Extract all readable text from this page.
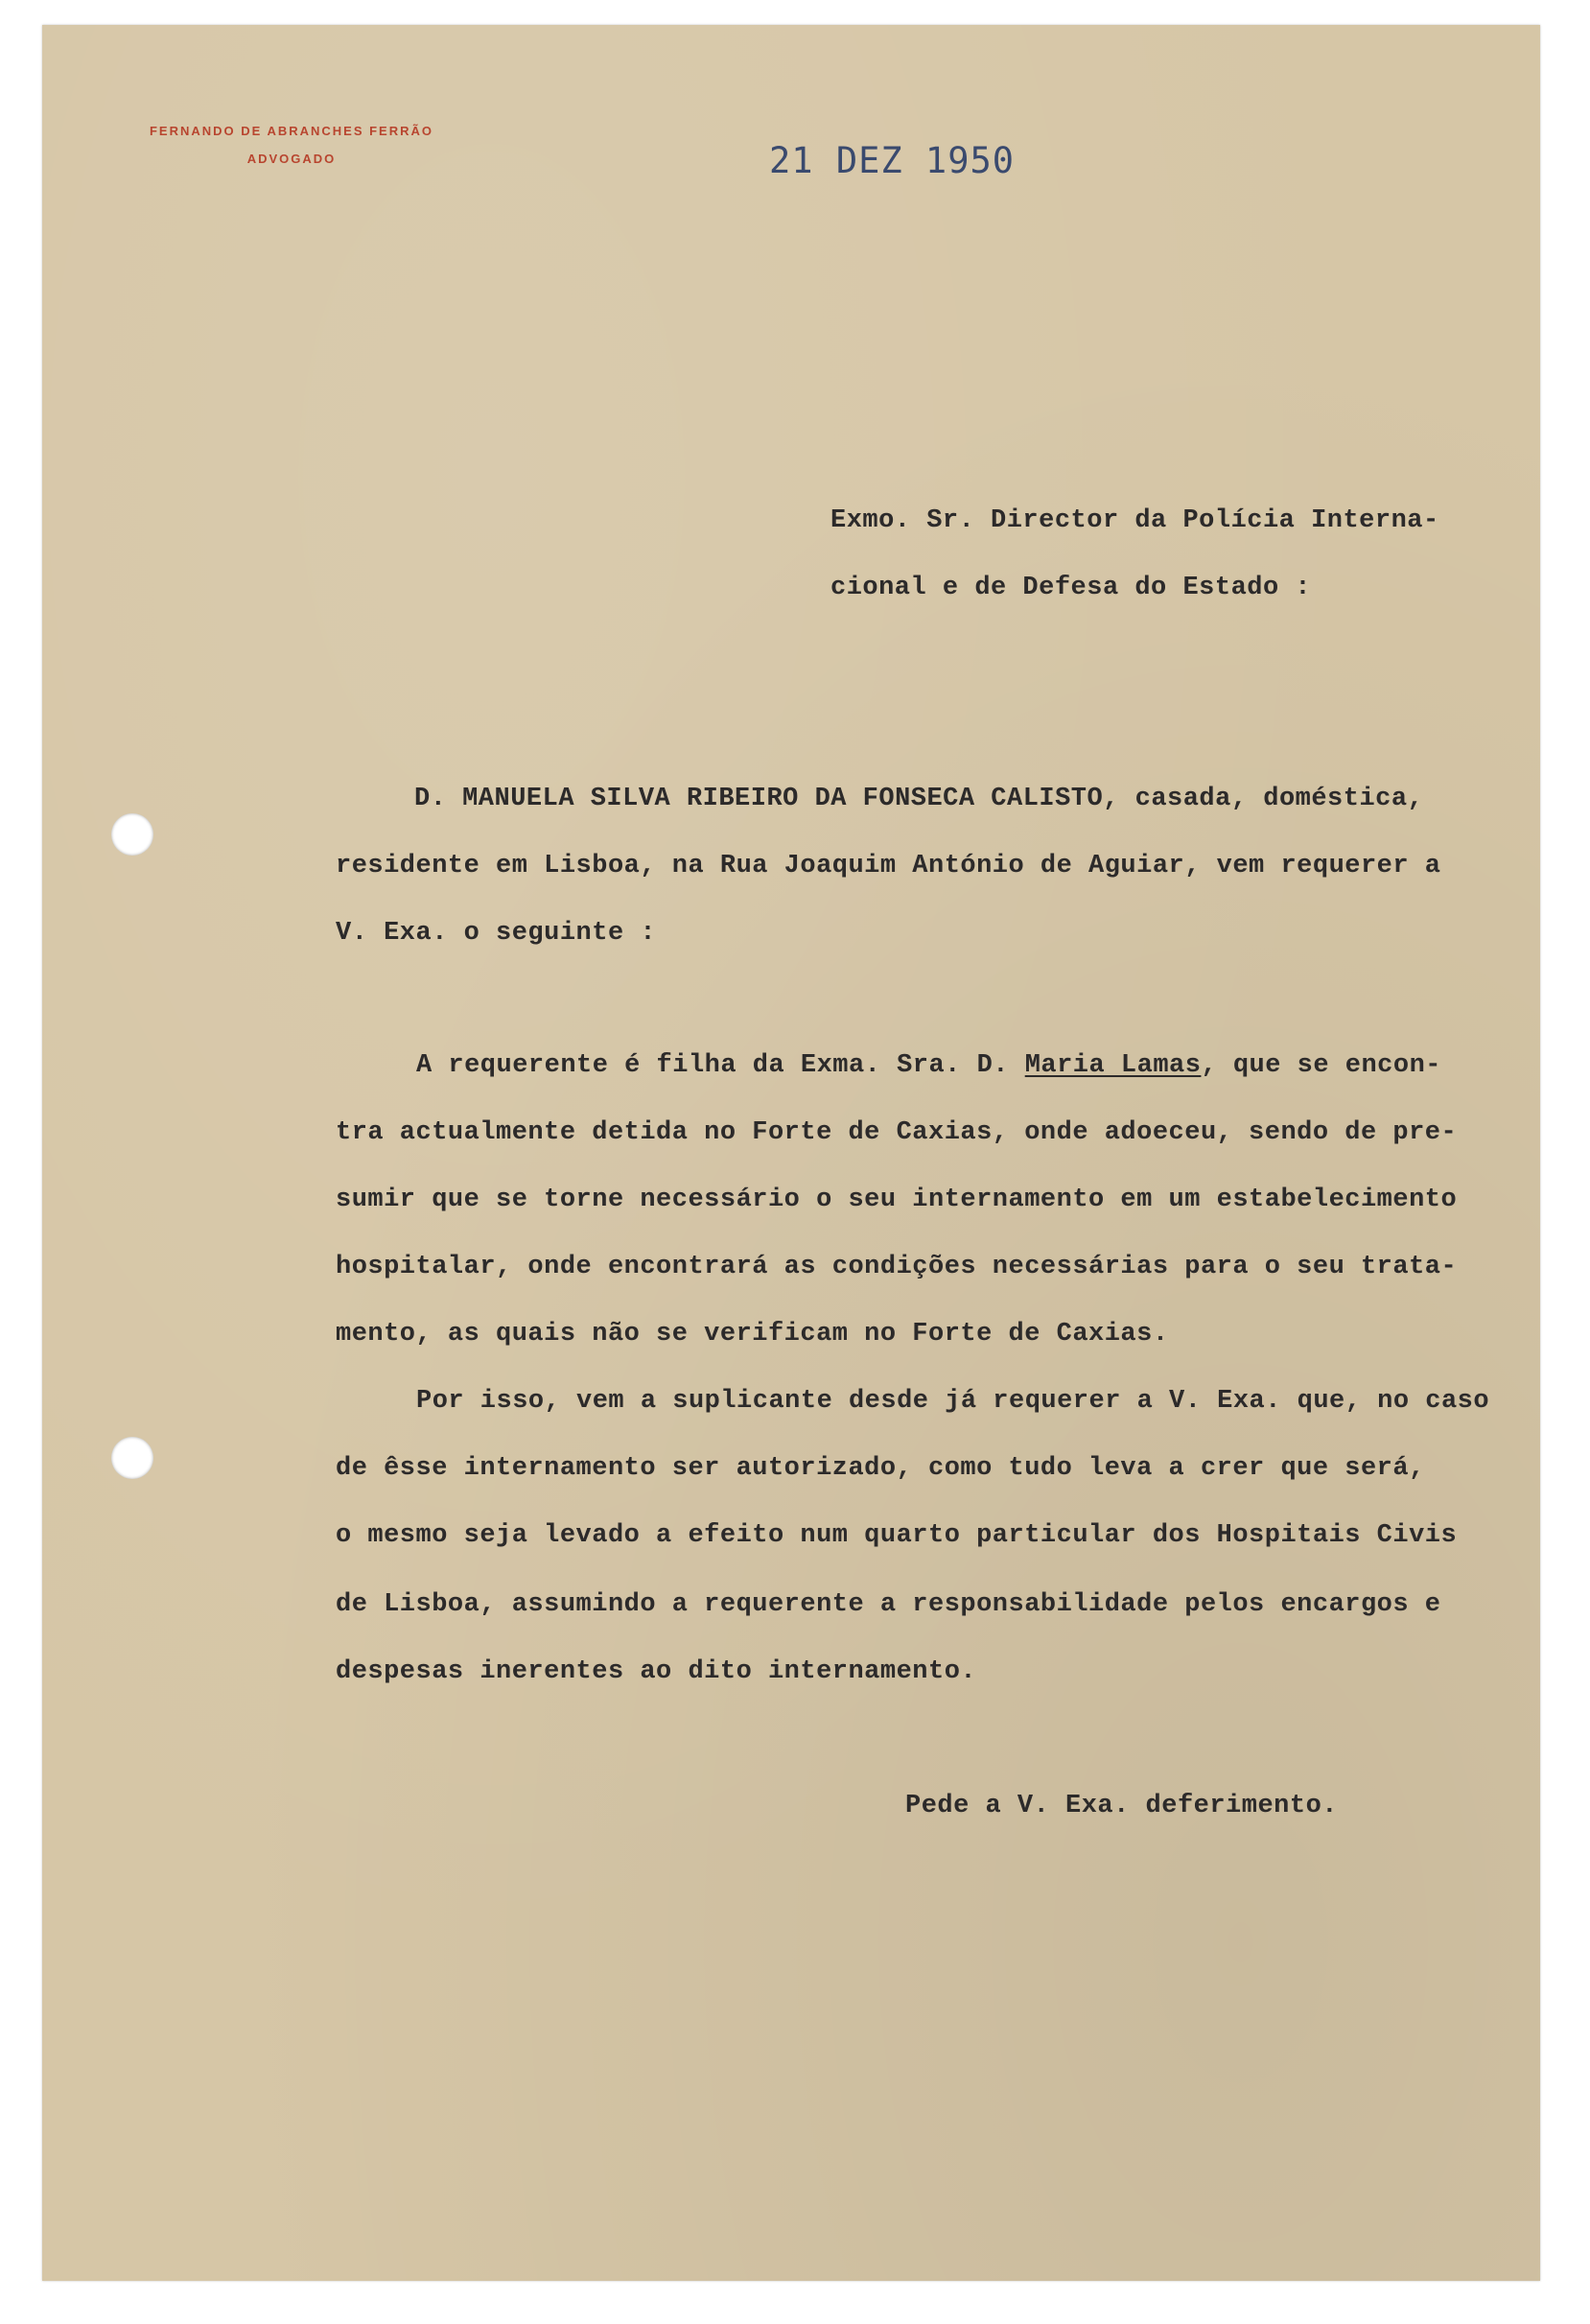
FERNANDO DE ABRANCHES FERRÃO
ADVOGADO	21 DEZ 1950
Exmo. Sr. Director da Polícia Interna-
cional e de Defesa do Estado :
D. MANUELA SILVA RIBEIRO DA FONSECA CALISTO, casada, doméstica,
residente em Lisboa, na Rua Joaquim António de Aguiar, vem requerer a
V. Exa. o seguinte :
A requerente é filha da Exma. Sra. D. Maria Lamas, que se encon-
tra actualmente detida no Forte de Caxias, onde adoeceu, sendo de pre-
sumir que se torne necessário o seu internamento em um estabelecimento
hospitalar, onde encontrará as condições necessárias para o seu trata-
mento, as quais não se verificam no Forte de Caxias.
Por isso, vem a suplicante desde já requerer a V. Exa. que, no caso
de êsse internamento ser autorizado, como tudo leva a crer que será,
o mesmo seja levado a efeito num quarto particular dos Hospitais Civis
de Lisboa, assumindo a requerente a responsabilidade pelos encargos e
despesas inerentes ao dito internamento.
Pede a V. Exa. deferimento.
